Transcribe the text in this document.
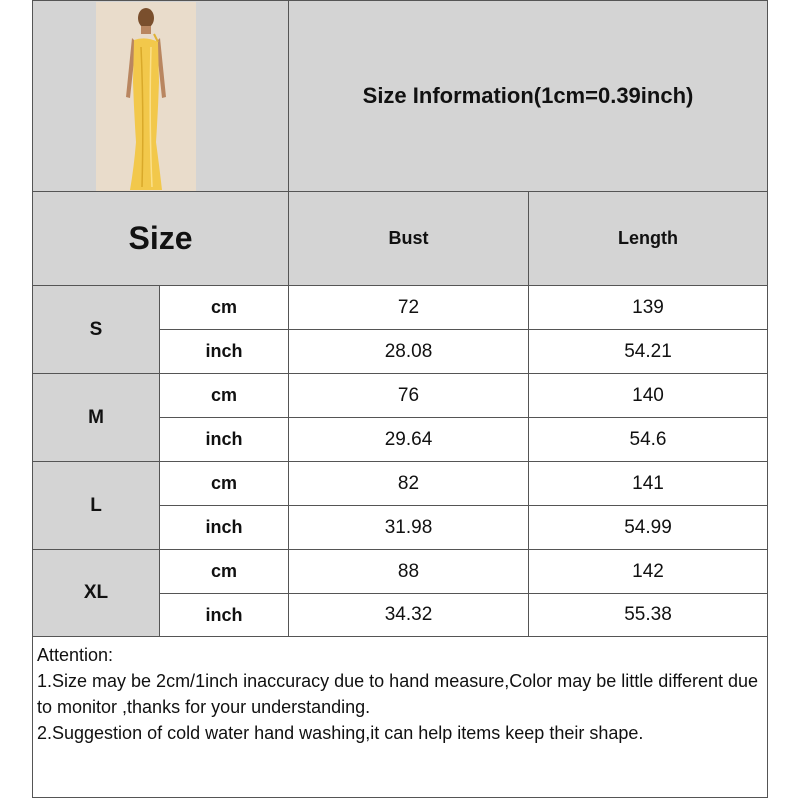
Size Information(1cm=0.39inch)
Size	Bust	Length
S
cm	72	139
inch	28.08	54.21
M
cm	76	140
inch	29.64	54.6
L
cm	82	141
inch	31.98	54.99
XL
cm	88	142
inch	34.32	55.38
Attention:
1.Size may be 2cm/1inch inaccuracy due to hand measure,Color may be little different due to monitor ,thanks for your understanding.
2.Suggestion of cold water hand washing,it can help items keep their shape.
